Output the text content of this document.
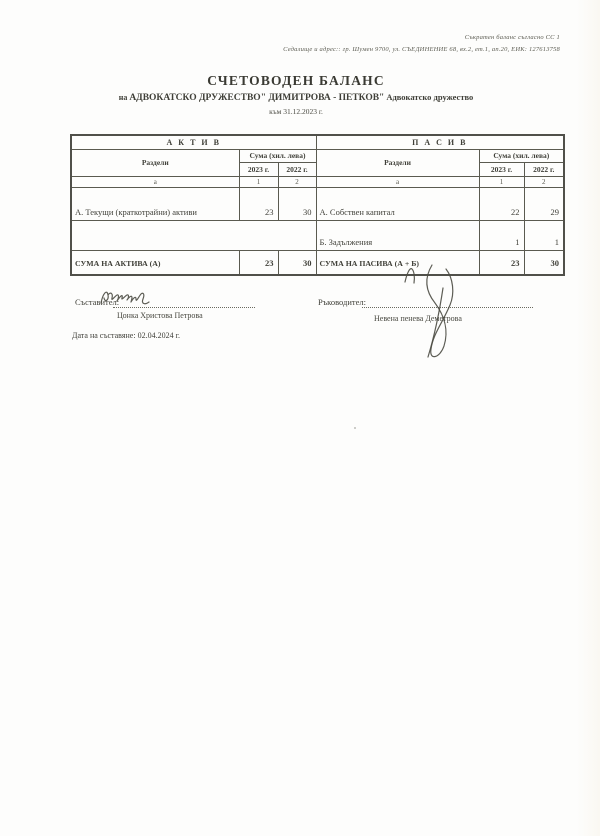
Съкратен баланс съгласно СС 1
Седалище и адрес:: гр. Шумен 9700, ул. СЪЕДИНЕНИЕ 68, вх.2, ет.1, ап.20, ЕИК: 127613758
СЧЕТОВОДЕН БАЛАНС
на АДВОКАТСКО ДРУЖЕСТВО" ДИМИТРОВА - ПЕТКОВ" Адвокатско дружество
към 31.12.2023 г.
А К Т И В			П А С И В		
Раздели	Сума (хил. лева)		Раздели	Сума (хил. лева)	
	2023 г.	2022 г.		2023 г.	2022 г.
а	1	2	а	1	2
А. Текущи (краткотрайни) активи	23	30	А. Собствен капитал	22	29
			Б. Задължения	1	1
СУМА НА АКТИВА (А)	23	30	СУМА НА ПАСИВА (А + Б)	23	30
Съставител:
Цонка Христова Петрова
Ръководител:
Невена пенева Деметрова
Дата на съставяне: 02.04.2024 г.
